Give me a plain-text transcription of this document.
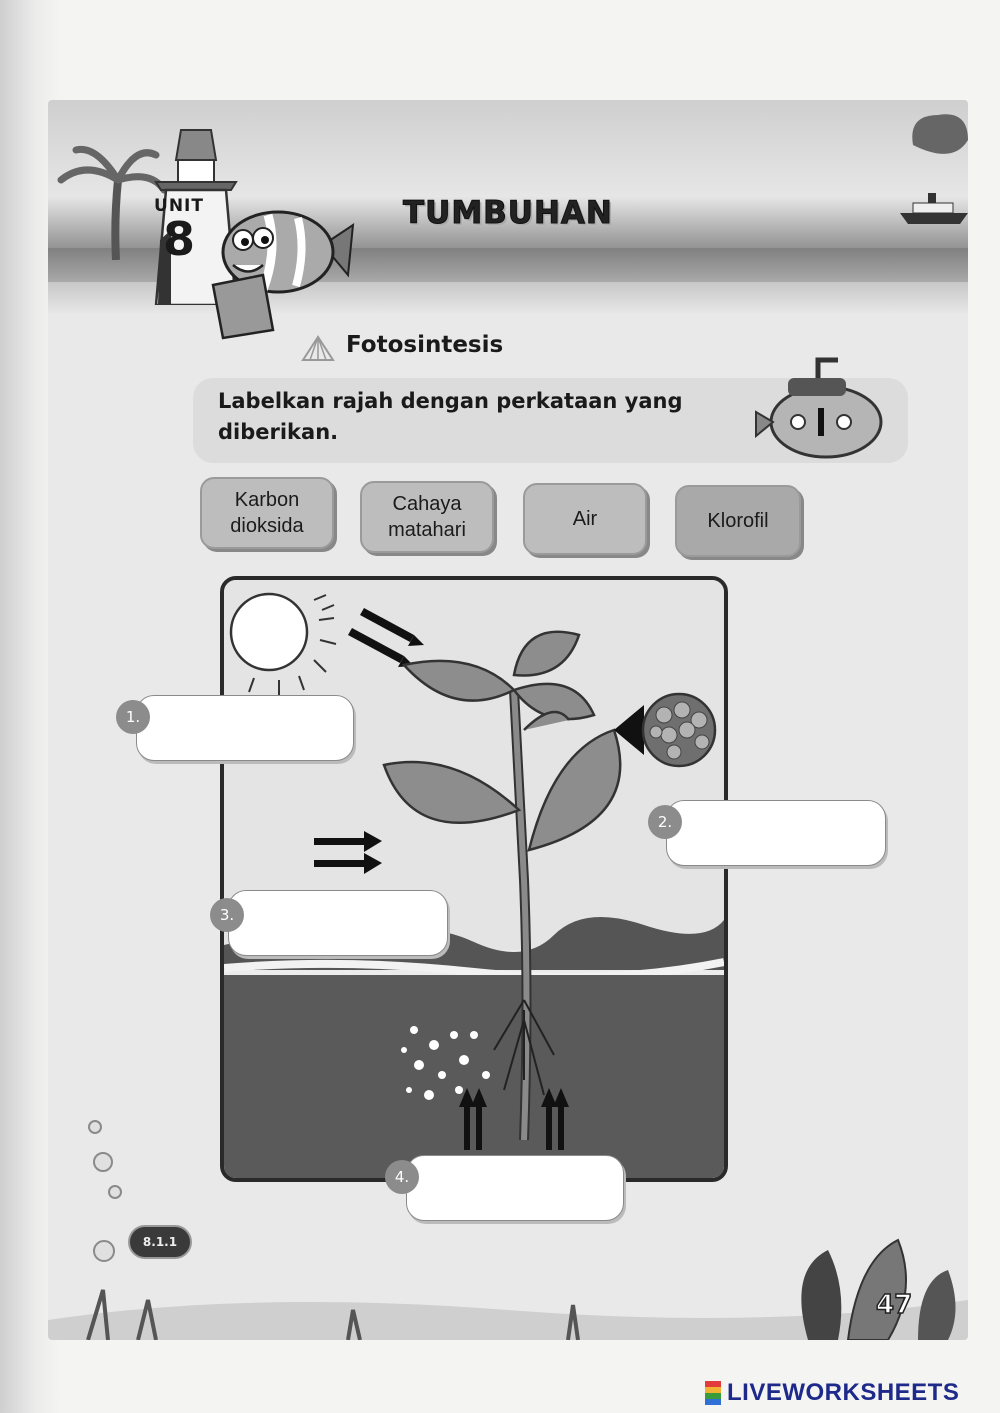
UNIT
8	TUMBUHAN
Fotosintesis
Labelkan rajah dengan perkataan yang diberikan.
Karbon
dioksida
Cahaya
matahari	Air	Klorofil
1.
2.
3.
4.
8.1.1
47
LIVEWORKSHEETS
